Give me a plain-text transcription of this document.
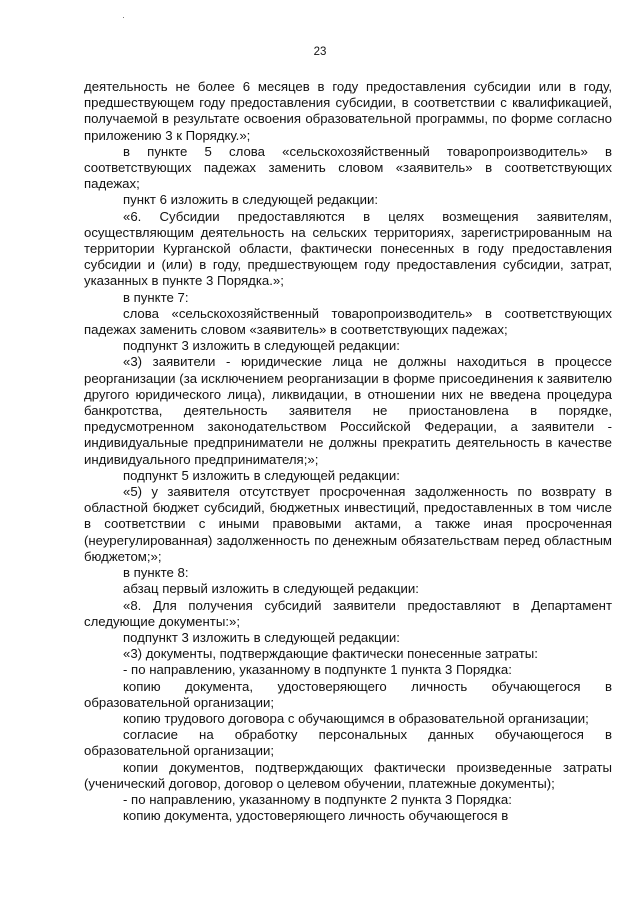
23

деятельность не более 6 месяцев в году предоставления субсидии или в году, предшествующем году предоставления субсидии, в соответствии с квалификацией, получаемой в результате освоения образовательной программы, по форме согласно приложению 3 к Порядку.»;

в пункте 5 слова «сельскохозяйственный товаропроизводитель» в соответствующих падежах заменить словом «заявитель» в соответствующих падежах;

пункт 6 изложить в следующей редакции:

«6. Субсидии предоставляются в целях возмещения заявителям, осуществляющим деятельность на сельских территориях, зарегистрированным на территории Курганской области, фактически понесенных в году предоставления субсидии и (или) в году, предшествующем году предоставления субсидии, затрат, указанных в пункте 3 Порядка.»;

в пункте 7:

слова «сельскохозяйственный товаропроизводитель» в соответствующих падежах заменить словом «заявитель» в соответствующих падежах;

подпункт 3 изложить в следующей редакции:

«3) заявители - юридические лица не должны находиться в процессе реорганизации (за исключением реорганизации в форме присоединения к заявителю другого юридического лица), ликвидации, в отношении них не введена процедура банкротства, деятельность заявителя не приостановлена в порядке, предусмотренном законодательством Российской Федерации, а заявители - индивидуальные предприниматели не должны прекратить деятельность в качестве индивидуального предпринимателя;»;

подпункт 5 изложить в следующей редакции:

«5) у заявителя отсутствует просроченная задолженность по возврату в областной бюджет субсидий, бюджетных инвестиций, предоставленных в том числе в соответствии с иными правовыми актами, а также иная просроченная (неурегулированная) задолженность по денежным обязательствам перед областным бюджетом;»;

в пункте 8:

абзац первый изложить в следующей редакции:

«8. Для получения субсидий заявители предоставляют в Департамент следующие документы:»;

подпункт 3 изложить в следующей редакции:

«3) документы, подтверждающие фактически понесенные затраты:

- по направлению, указанному в подпункте 1 пункта 3 Порядка:

копию документа, удостоверяющего личность обучающегося в образовательной организации;

копию трудового договора с обучающимся в образовательной организации;

согласие на обработку персональных данных обучающегося в образовательной организации;

копии документов, подтверждающих фактически произведенные затраты (ученический договор, договор о целевом обучении, платежные документы);

- по направлению, указанному в подпункте 2 пункта 3 Порядка:

копию документа, удостоверяющего личность обучающегося в
